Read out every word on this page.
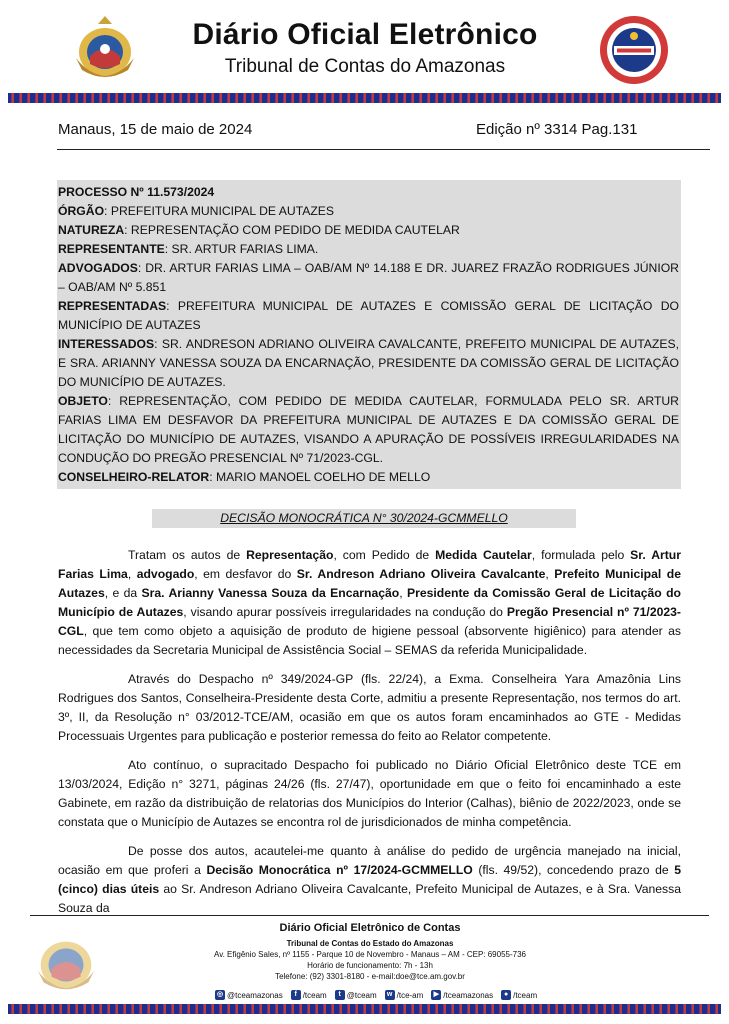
Diário Oficial Eletrônico
Tribunal de Contas do Amazonas
Manaus, 15 de maio de 2024	Edição nº 3314 Pag.131

PROCESSO Nº 11.573/2024

ÓRGÃO: PREFEITURA MUNICIPAL DE AUTAZES

NATUREZA: REPRESENTAÇÃO COM PEDIDO DE MEDIDA CAUTELAR

REPRESENTANTE: SR. ARTUR FARIAS LIMA.

ADVOGADOS: DR. ARTUR FARIAS LIMA – OAB/AM Nº 14.188 E DR. JUAREZ FRAZÃO RODRIGUES JÚNIOR – OAB/AM Nº 5.851

REPRESENTADAS: PREFEITURA MUNICIPAL DE AUTAZES E COMISSÃO GERAL DE LICITAÇÃO DO MUNICÍPIO DE AUTAZES

INTERESSADOS: SR. ANDRESON ADRIANO OLIVEIRA CAVALCANTE, PREFEITO MUNICIPAL DE AUTAZES, E SRA. ARIANNY VANESSA SOUZA DA ENCARNAÇÃO, PRESIDENTE DA COMISSÃO GERAL DE LICITAÇÃO DO MUNICÍPIO DE AUTAZES.

OBJETO: REPRESENTAÇÃO, COM PEDIDO DE MEDIDA CAUTELAR, FORMULADA PELO SR. ARTUR FARIAS LIMA EM DESFAVOR DA PREFEITURA MUNICIPAL DE AUTAZES E DA COMISSÃO GERAL DE LICITAÇÃO DO MUNICÍPIO DE AUTAZES, VISANDO A APURAÇÃO DE POSSÍVEIS IRREGULARIDADES NA CONDUÇÃO DO PREGÃO PRESENCIAL Nº 71/2023-CGL.

CONSELHEIRO-RELATOR: MARIO MANOEL COELHO DE MELLO

DECISÃO MONOCRÁTICA N° 30/2024-GCMMELLO

Tratam os autos de Representação, com Pedido de Medida Cautelar, formulada pelo Sr. Artur Farias Lima, advogado, em desfavor do Sr. Andreson Adriano Oliveira Cavalcante, Prefeito Municipal de Autazes, e da Sra. Arianny Vanessa Souza da Encarnação, Presidente da Comissão Geral de Licitação do Município de Autazes, visando apurar possíveis irregularidades na condução do Pregão Presencial nº 71/2023-CGL, que tem como objeto a aquisição de produto de higiene pessoal (absorvente higiênico) para atender as necessidades da Secretaria Municipal de Assistência Social – SEMAS da referida Municipalidade.

Através do Despacho nº 349/2024-GP (fls. 22/24), a Exma. Conselheira Yara Amazônia Lins Rodrigues dos Santos, Conselheira-Presidente desta Corte, admitiu a presente Representação, nos termos do art. 3º, II, da Resolução n° 03/2012-TCE/AM, ocasião em que os autos foram encaminhados ao GTE - Medidas Processuais Urgentes para publicação e posterior remessa do feito ao Relator competente.

Ato contínuo, o supracitado Despacho foi publicado no Diário Oficial Eletrônico deste TCE em 13/03/2024, Edição n° 3271, páginas 24/26 (fls. 27/47), oportunidade em que o feito foi encaminhado a este Gabinete, em razão da distribuição de relatorias dos Municípios do Interior (Calhas), biênio de 2022/2023, onde se constata que o Município de Autazes se encontra rol de jurisdicionados de minha competência.

De posse dos autos, acautelei-me quanto à análise do pedido de urgência manejado na inicial, ocasião em que proferi a Decisão Monocrática nº 17/2024-GCMMELLO (fls. 49/52), concedendo prazo de 5 (cinco) dias úteis ao Sr. Andreson Adriano Oliveira Cavalcante, Prefeito Municipal de Autazes, e à Sra. Vanessa Souza da

Diário Oficial Eletrônico de Contas
Tribunal de Contas do Estado do Amazonas
Av. Efigênio Sales, nº 1155 - Parque 10 de Novembro - Manaus – AM - CEP: 69055-736
Horário de funcionamento: 7h - 13h
Telefone: (92) 3301-8180 - e-mail:doe@tce.am.gov.br
◎ @tceamazonas	f /tceam	t @tceam	w /tce-am	▶ /tceamazonas	● /tceam
